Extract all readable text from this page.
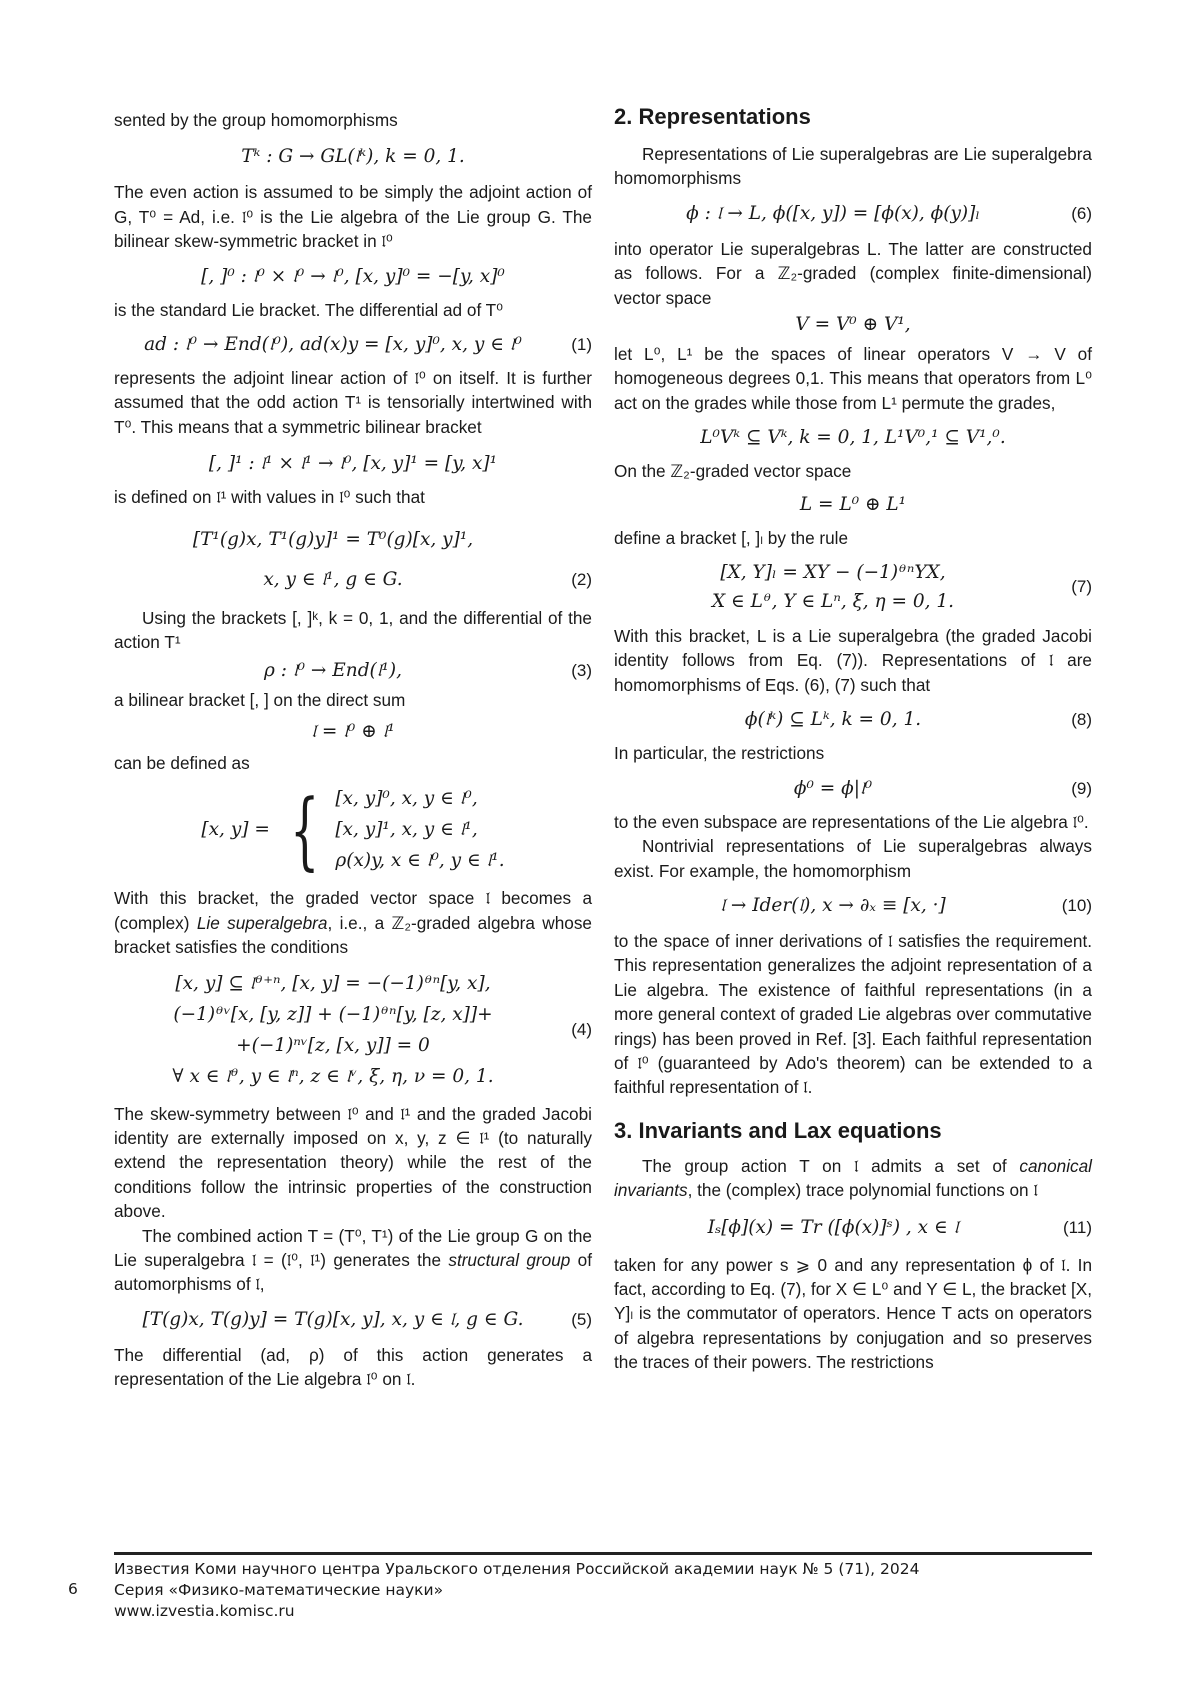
sented by the group homomorphisms

Tᵏ : G → GL(𝔩ᵏ), k = 0, 1.

The even action is assumed to be simply the adjoint action of G, T⁰ = Ad, i.e. 𝔩⁰ is the Lie algebra of the Lie group G. The bilinear skew-symmetric bracket in 𝔩⁰

[, ]⁰ : 𝔩⁰ × 𝔩⁰ → 𝔩⁰, [x, y]⁰ = −[y, x]⁰

is the standard Lie bracket. The differential ad of T⁰

ad : 𝔩⁰ → End(𝔩⁰), ad(x)y = [x, y]⁰, x, y ∈ 𝔩⁰	(1)

represents the adjoint linear action of 𝔩⁰ on itself. It is further assumed that the odd action T¹ is tensorially intertwined with T⁰. This means that a symmetric bilinear bracket

[, ]¹ : 𝔩¹ × 𝔩¹ → 𝔩⁰, [x, y]¹ = [y, x]¹

is defined on 𝔩¹ with values in 𝔩⁰ such that

[T¹(g)x, T¹(g)y]¹ = T⁰(g)[x, y]¹,
x, y ∈ 𝔩¹, g ∈ G.	(2)

Using the brackets [, ]ᵏ, k = 0, 1, and the differential of the action T¹

ρ : 𝔩⁰ → End(𝔩¹),	(3)

a bilinear bracket [, ] on the direct sum

𝔩 = 𝔩⁰ ⊕ 𝔩¹

can be defined as

[x, y] = { [x, y]⁰, x, y ∈ 𝔩⁰,
[x, y]¹, x, y ∈ 𝔩¹,
ρ(x)y, x ∈ 𝔩⁰, y ∈ 𝔩¹.

With this bracket, the graded vector space 𝔩 becomes a (complex) Lie superalgebra, i.e., a ℤ₂-graded algebra whose bracket satisfies the conditions

[x, y] ⊆ 𝔩ᶿ⁺ⁿ, [x, y] = −(−1)ᶿⁿ[y, x],
(−1)ᶿᵛ[x, [y, z]] + (−1)ᶿⁿ[y, [z, x]]+
+(−1)ⁿᵛ[z, [x, y]] = 0
∀ x ∈ 𝔩ᶿ, y ∈ 𝔩ⁿ, z ∈ 𝔩ᵛ, ξ, η, ν = 0, 1.
(4)

The skew-symmetry between 𝔩⁰ and 𝔩¹ and the graded Jacobi identity are externally imposed on x, y, z ∈ 𝔩¹ (to naturally extend the representation theory) while the rest of the conditions follow the intrinsic properties of the construction above.

The combined action T = (T⁰, T¹) of the Lie group G on the Lie superalgebra 𝔩 = (𝔩⁰, 𝔩¹) generates the structural group of automorphisms of 𝔩,

[T(g)x, T(g)y] = T(g)[x, y], x, y ∈ 𝔩, g ∈ G.	(5)

The differential (ad, ρ) of this action generates a representation of the Lie algebra 𝔩⁰ on 𝔩.

2. Representations

Representations of Lie superalgebras are Lie superalgebra homomorphisms

ϕ : 𝔩 → L, ϕ([x, y]) = [ϕ(x), ϕ(y)]ₗ	(6)

into operator Lie superalgebras L. The latter are constructed as follows. For a ℤ₂-graded (complex finite-dimensional) vector space

V = V⁰ ⊕ V¹,

let L⁰, L¹ be the spaces of linear operators V → V of homogeneous degrees 0,1. This means that operators from L⁰ act on the grades while those from L¹ permute the grades,

L⁰Vᵏ ⊆ Vᵏ, k = 0, 1, L¹V⁰,¹ ⊆ V¹,⁰.

On the ℤ₂-graded vector space

L = L⁰ ⊕ L¹

define a bracket [, ]ₗ by the rule

[X, Y]ₗ = XY − (−1)ᶿⁿYX,
X ∈ Lᶿ, Y ∈ Lⁿ, ξ, η = 0, 1.
(7)

With this bracket, L is a Lie superalgebra (the graded Jacobi identity follows from Eq. (7)). Representations of 𝔩 are homomorphisms of Eqs. (6), (7) such that

ϕ(𝔩ᵏ) ⊆ Lᵏ, k = 0, 1.	(8)

In particular, the restrictions

ϕ⁰ = ϕ|𝔩⁰	(9)

to the even subspace are representations of the Lie algebra 𝔩⁰.

Nontrivial representations of Lie superalgebras always exist. For example, the homomorphism

𝔩 → Ider(𝔩), x → ∂ₓ ≡ [x, ·]	(10)

to the space of inner derivations of 𝔩 satisfies the requirement. This representation generalizes the adjoint representation of a Lie algebra. The existence of faithful representations (in a more general context of graded Lie algebras over commutative rings) has been proved in Ref. [3]. Each faithful representation of 𝔩⁰ (guaranteed by Ado's theorem) can be extended to a faithful representation of 𝔩.

3. Invariants and Lax equations

The group action T on 𝔩 admits a set of canonical invariants, the (complex) trace polynomial functions on 𝔩

Iₛ[ϕ](x) = Tr ([ϕ(x)]ˢ) , x ∈ 𝔩	(11)

taken for any power s ⩾ 0 and any representation ϕ of 𝔩. In fact, according to Eq. (7), for X ∈ L⁰ and Y ∈ L, the bracket [X, Y]ₗ is the commutator of operators. Hence T acts on operators of algebra representations by conjugation and so preserves the traces of their powers. The restrictions

6
Известия Коми научного центра Уральского отделения Российской академии наук № 5 (71), 2024
Серия «Физико-математические науки»
www.izvestia.komisc.ru
